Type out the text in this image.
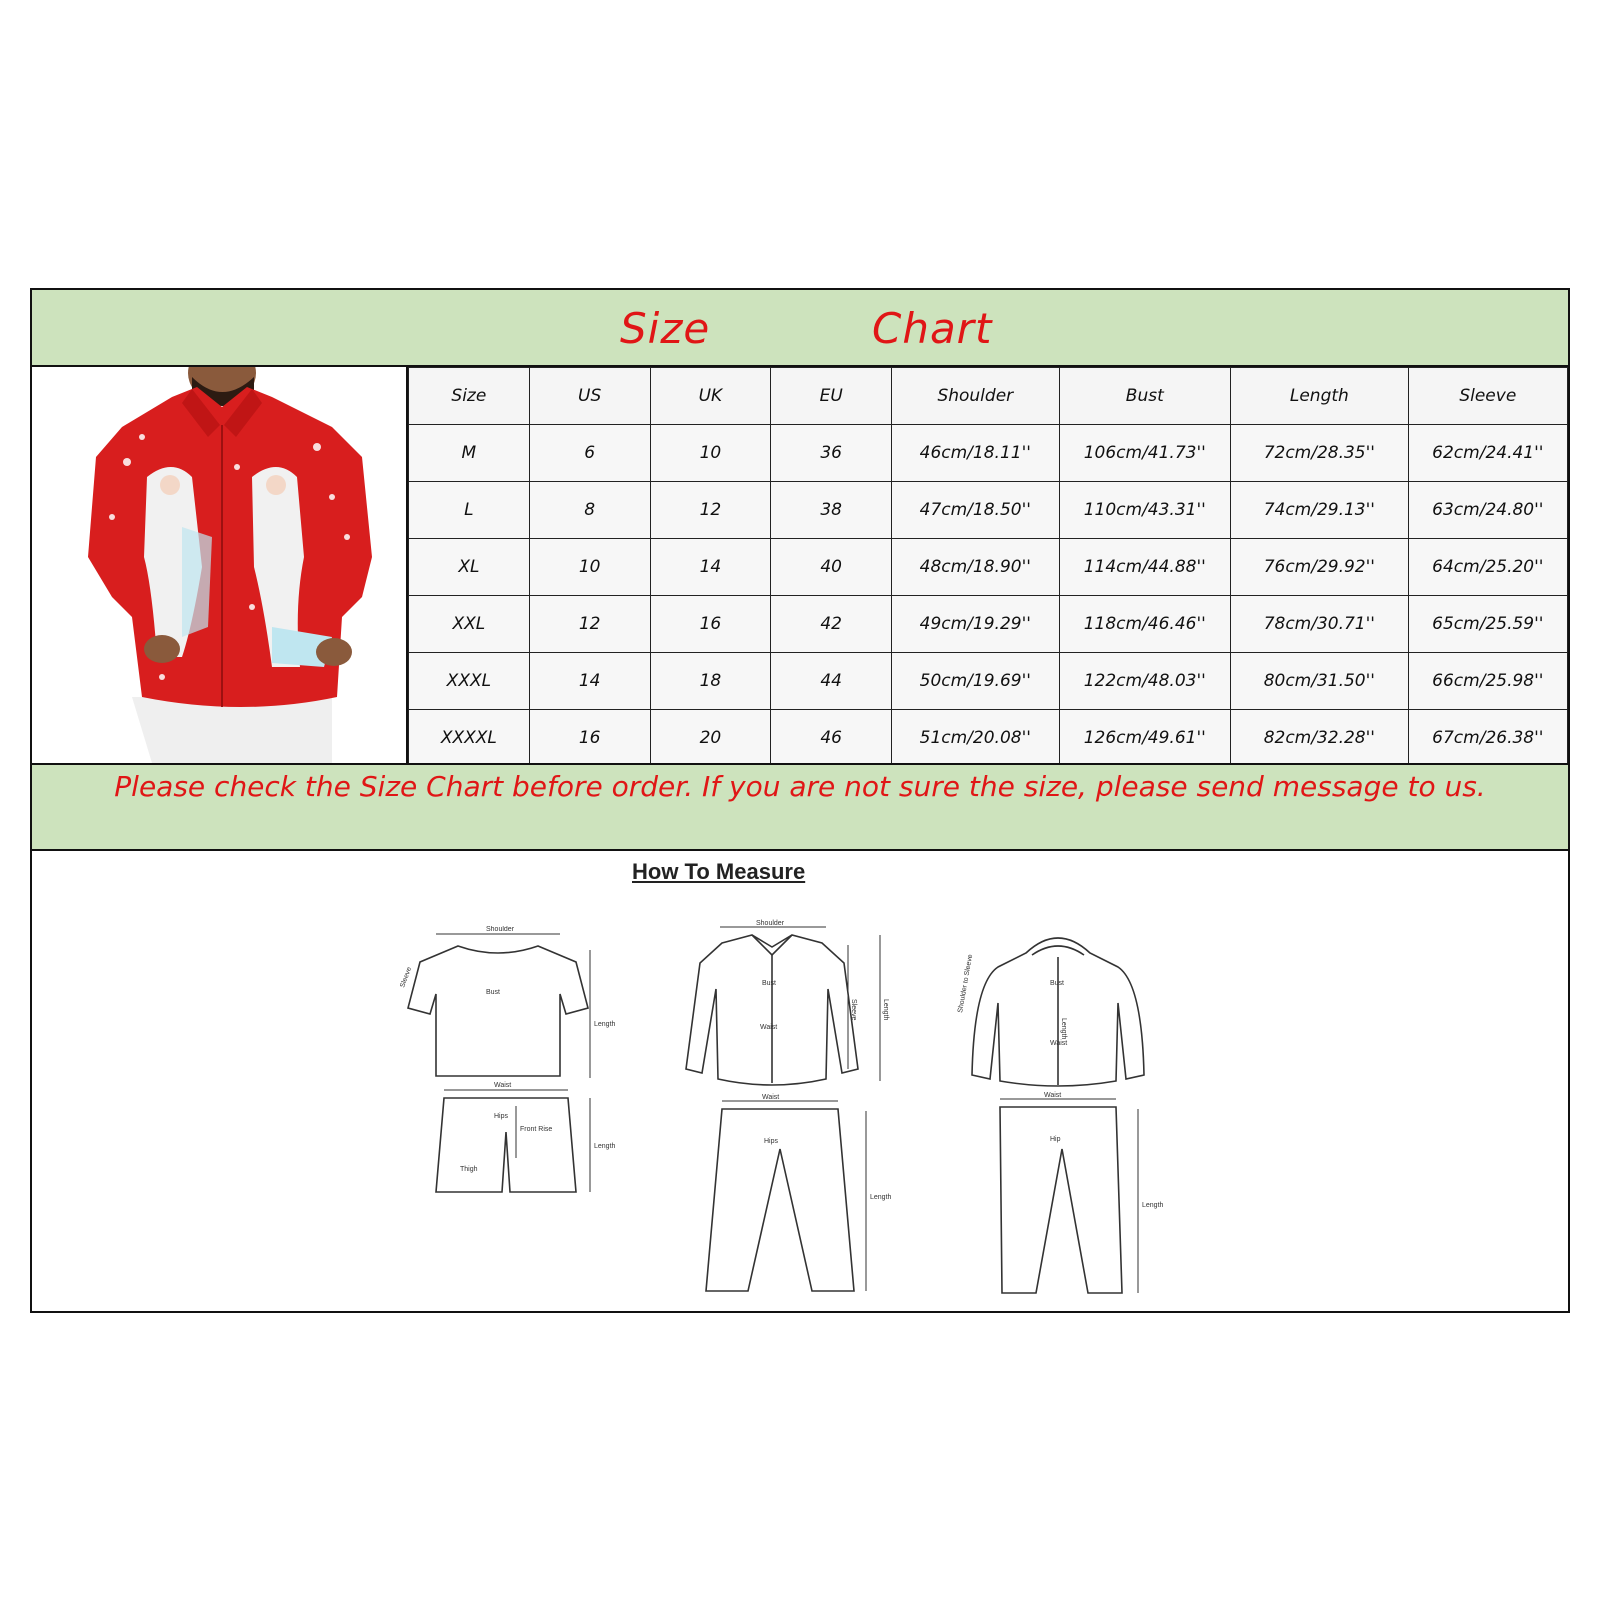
Size	Chart
Size	US	UK	EU	Shoulder	Bust	Length	Sleeve
M	6	10	36	46cm/18.11''	106cm/41.73''	72cm/28.35''	62cm/24.41''
L	8	12	38	47cm/18.50''	110cm/43.31''	74cm/29.13''	63cm/24.80''
XL	10	14	40	48cm/18.90''	114cm/44.88''	76cm/29.92''	64cm/25.20''
XXL	12	16	42	49cm/19.29''	118cm/46.46''	78cm/30.71''	65cm/25.59''
XXXL	14	18	44	50cm/19.69''	122cm/48.03''	80cm/31.50''	66cm/25.98''
XXXXL	16	20	46	51cm/20.08''	126cm/49.61''	82cm/32.28''	67cm/26.38''
Please check the Size Chart before order. If you are not sure the size, please send message to us.
How To Measure
Shoulder
Bust
Length
Sleeve
Waist
Hips
Front Rise
Thigh
Length
Shoulder
Bust
Waist
Sleeve	Length
Waist
Hips
Length
Bust
Length
Waist
Shoulder to Sleeve
Waist
Hip
Length
